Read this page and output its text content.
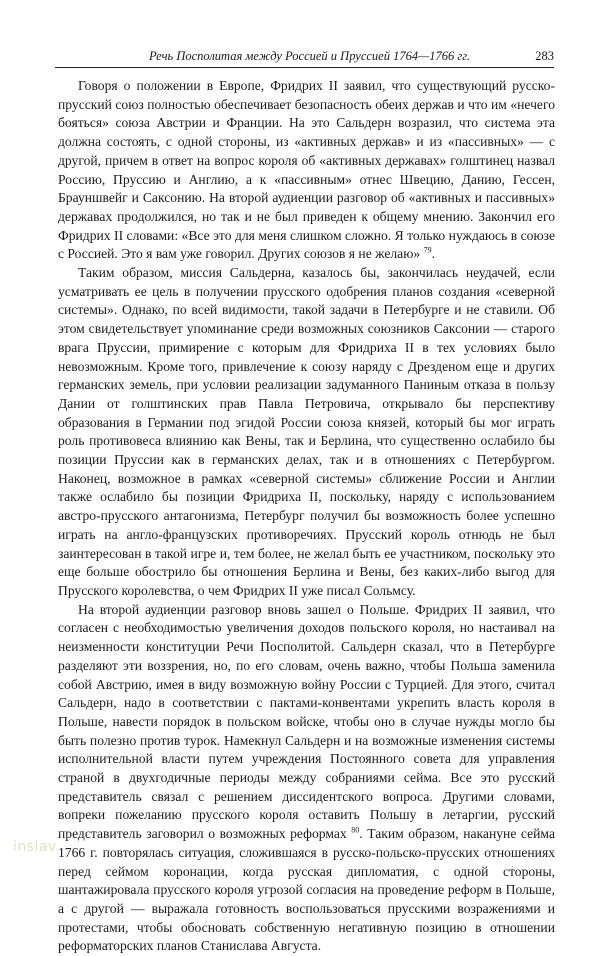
Речь Посполитая между Россией и Пруссией 1764—1766 гг.	283

Говоря о положении в Европе, Фридрих II заявил, что существующий русско-прусский союз полностью обеспечивает безопасность обеих держав и что им «нечего бояться» союза Австрии и Франции. На это Сальдерн возразил, что система эта должна состоять, с одной стороны, из «активных держав» и из «пассивных» — с другой, причем в ответ на вопрос короля об «активных державах» голштинец назвал Россию, Пруссию и Англию, а к «пассивным» отнес Швецию, Данию, Гессен, Брауншвейг и Саксонию. На второй аудиенции разговор об «активных и пассивных» державах продолжился, но так и не был приведен к общему мнению. Закончил его Фридрих II словами: «Все это для меня слишком сложно. Я только нуждаюсь в союзе с Россией. Это я вам уже говорил. Других союзов я не желаю» $^{79}$.

Таким образом, миссия Сальдерна, казалось бы, закончилась неудачей, если усматривать ее цель в получении прусского одобрения планов создания «северной системы». Однако, по всей видимости, такой задачи в Петербурге и не ставили. Об этом свидетельствует упоминание среди возможных союзников Саксонии — старого врага Пруссии, примирение с которым для Фридриха II в тех условиях было невозможным. Кроме того, привлечение к союзу наряду с Дрезденом еще и других германских земель, при условии реализации задуманного Паниным отказа в пользу Дании от голштинских прав Павла Петровича, открывало бы перспективу образования в Германии под эгидой России союза князей, который бы мог играть роль противовеса влиянию как Вены, так и Берлина, что существенно ослабило бы позиции Пруссии как в германских делах, так и в отношениях с Петербургом. Наконец, возможное в рамках «северной системы» сближение России и Англии также ослабило бы позиции Фридриха II, поскольку, наряду с использованием австро-прусского антагонизма, Петербург получил бы возможность более успешно играть на англо-французских противоречиях. Прусский король отнюдь не был заинтересован в такой игре и, тем более, не желал быть ее участником, поскольку это еще больше обострило бы отношения Берлина и Вены, без каких-либо выгод для Прусского королевства, о чем Фридрих II уже писал Сольмсу.

На второй аудиенции разговор вновь зашел о Польше. Фридрих II заявил, что согласен с необходимостью увеличения доходов польского короля, но настаивал на неизменности конституции Речи Посполитой. Сальдерн сказал, что в Петербурге разделяют эти воззрения, но, по его словам, очень важно, чтобы Польша заменила собой Австрию, имея в виду возможную войну России с Турцией. Для этого, считал Сальдерн, надо в соответствии с пактами-конвентами укрепить власть короля в Польше, навести порядок в польском войске, чтобы оно в случае нужды могло бы быть полезно против турок. Намекнул Сальдерн и на возможные изменения системы исполнительной власти путем учреждения Постоянного совета для управления страной в двухгодичные периоды между собраниями сейма. Все это русский представитель связал с решением диссидентского вопроса. Другими словами, вопреки пожеланию прусского короля оставить Польшу в летаргии, русский представитель заговорил о возможных реформах $^{80}$. Таким образом, накануне сейма 1766 г. повторялась ситуация, сложившаяся в русско-польско-прусских отношениях перед сеймом коронации, когда русская дипломатия, с одной стороны, шантажировала прусского короля угрозой согласия на проведение реформ в Польше, а с другой — выражала готовность воспользоваться прусскими возражениями и протестами, чтобы обосновать собственную негативную позицию в отношении реформаторских планов Станислава Августа.

inslav
